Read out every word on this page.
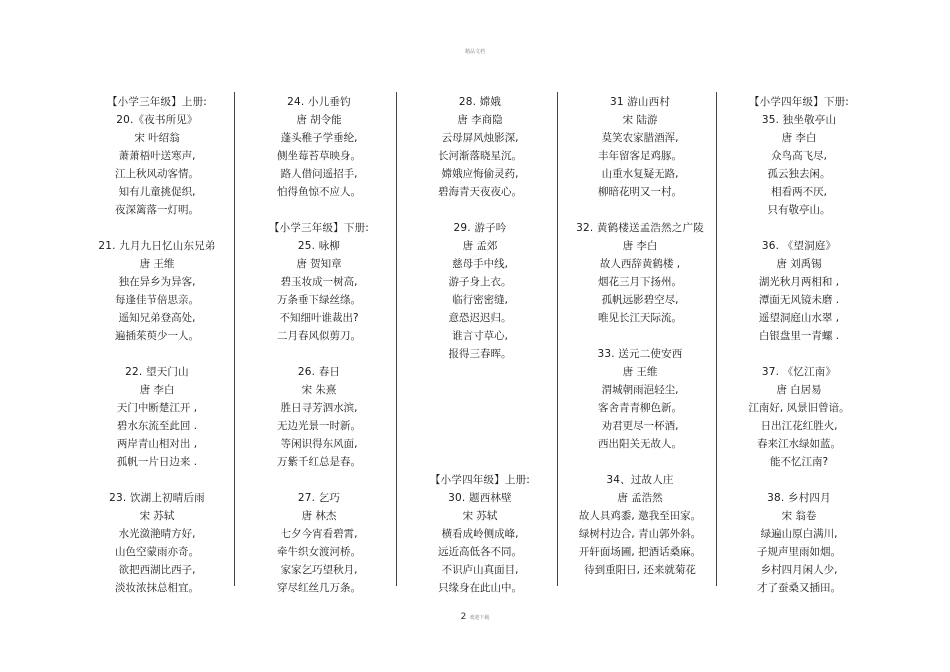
精品文档
【小学三年级】上册:
20.《夜书所见》
宋 叶绍翁
萧萧梧叶送寒声,
江上秋风动客情。
知有儿童挑促织,
夜深篱落一灯明。
21. 九月九日忆山东兄弟
唐 王维
独在异乡为异客,
每逢佳节倍思亲。
遥知兄弟登高处,
遍插茱萸少一人。
22. 望天门山
唐 李白
天门中断楚江开 ,
碧水东流至此回 .
两岸青山相对出 ,
孤帆一片日边来 .
23. 饮湖上初晴后雨
宋 苏轼
水光潋滟晴方好,
山色空蒙雨亦奇。
欲把西湖比西子,
淡妆浓抹总相宜。
24. 小儿垂钓
唐 胡令能
蓬头稚子学垂纶,
侧坐莓苔草映身。
路人借问遥招手,
怕得鱼惊不应人。
【小学三年级】下册:
25. 咏柳
唐 贺知章
碧玉妆成一树高,
万条垂下绿丝绦。
不知细叶谁裁出?
二月春风似剪刀。
26. 春日
宋 朱熹
胜日寻芳泗水滨,
无边光景一时新。
等闲识得东风面,
万紫千红总是春。
27. 乞巧
唐 林杰
七夕今宵看碧霄,
牵牛织女渡河桥。
家家乞巧望秋月,
穿尽红丝几万条。
28. 嫦娥
唐 李商隐
云母屏风烛影深,
长河渐落晓星沉。
嫦娥应悔偷灵药,
碧海青天夜夜心。
29. 游子吟
唐 孟郊
慈母手中线,
游子身上衣。
临行密密缝,
意恐迟迟归。
谁言寸草心,
报得三春晖。
【小学四年级】上册:
30. 题西林壁
宋 苏轼
横看成岭侧成峰,
远近高低各不同。
不识庐山真面目,
只缘身在此山中。
31 游山西村
宋 陆游
莫笑农家腊酒浑,
丰年留客足鸡豚。
山重水复疑无路,
柳暗花明又一村。
32. 黄鹤楼送孟浩然之广陵
唐 李白
故人西辞黄鹤楼 ,
烟花三月下扬州。
孤帆远影碧空尽,
唯见长江天际流。
33. 送元二使安西
唐 王维
渭城朝雨浥轻尘,
客舍青青柳色新。
劝君更尽一杯酒,
西出阳关无故人。
34、过故人庄
唐 孟浩然
故人具鸡黍, 邀我至田家。
绿树村边合, 青山郭外斜。
开轩面场圃, 把酒话桑麻。
待到重阳日, 还来就菊花
【小学四年级】下册:
35. 独坐敬亭山
唐 李白
众鸟高飞尽,
孤云独去闲。
相看两不厌,
只有敬亭山。
36. 《望洞庭》
唐 刘禹锡
湖光秋月两相和 ,
潭面无风镜未磨 .
遥望洞庭山水翠 ,
白银盘里一青螺 .
37. 《忆江南》
唐 白居易
江南好, 风景旧曾谙。
日出江花红胜火,
春来江水绿如蓝。
能不忆江南?
38. 乡村四月
宋 翁卷
绿遍山原白满川,
子规声里雨如烟。
乡村四月闲人少,
才了蚕桑又插田。
2 欢迎下载
